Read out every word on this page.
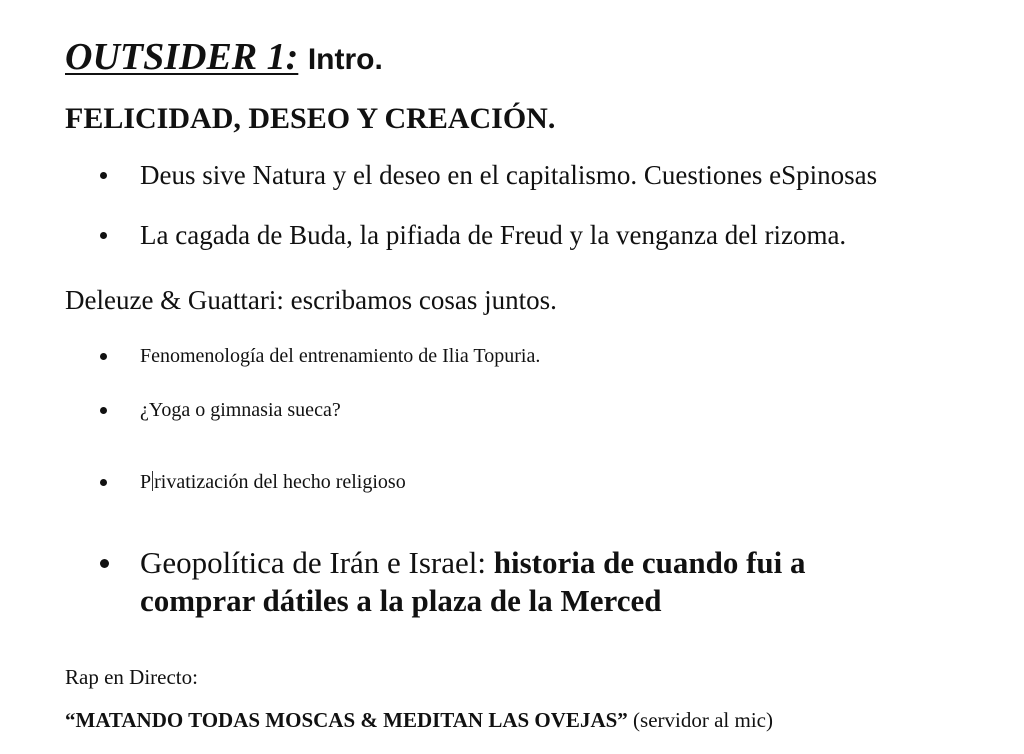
OUTSIDER 1: Intro.
FELICIDAD, DESEO Y CREACIÓN.
Deus sive Natura y el deseo en el capitalismo. Cuestiones eSpinosas
La cagada de Buda, la pifiada de Freud y la venganza del rizoma.

Deleuze & Guattari: escribamos cosas juntos.

Fenomenología del entrenamiento de Ilia Topuria.
¿Yoga o gimnasia sueca?
P rivatización del hecho religioso
Geopolítica de Irán e Israel: historia de cuando fui a comprar dátiles a la plaza de la Merced

Rap en Directo:

“MATANDO TODAS MOSCAS & MEDITAN LAS OVEJAS” (servidor al mic)
